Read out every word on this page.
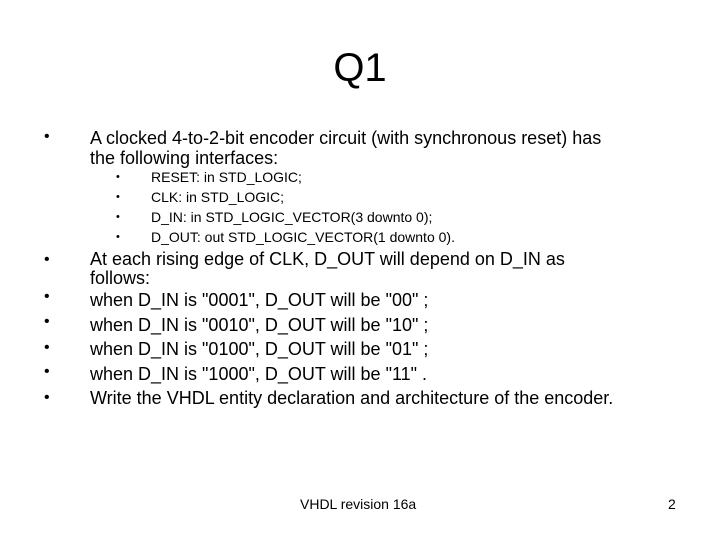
Q1
• A clocked 4-to-2-bit encoder circuit (with synchronous reset) has
the following interfaces:
• RESET: in STD_LOGIC;
• CLK: in STD_LOGIC;
• D_IN: in STD_LOGIC_VECTOR(3 downto 0);
• D_OUT: out STD_LOGIC_VECTOR(1 downto 0).
• At each rising edge of CLK, D_OUT will depend on D_IN as
•
follows:
when D_IN is "0001", D_OUT will be "00" ;
• when D_IN is "0010", D_OUT will be "10" ;
• when D_IN is "0100", D_OUT will be "01" ;
• when D_IN is "1000", D_OUT will be "11" .
• Write the VHDL entity declaration and architecture of the encoder.
VHDL revision 16a	2
